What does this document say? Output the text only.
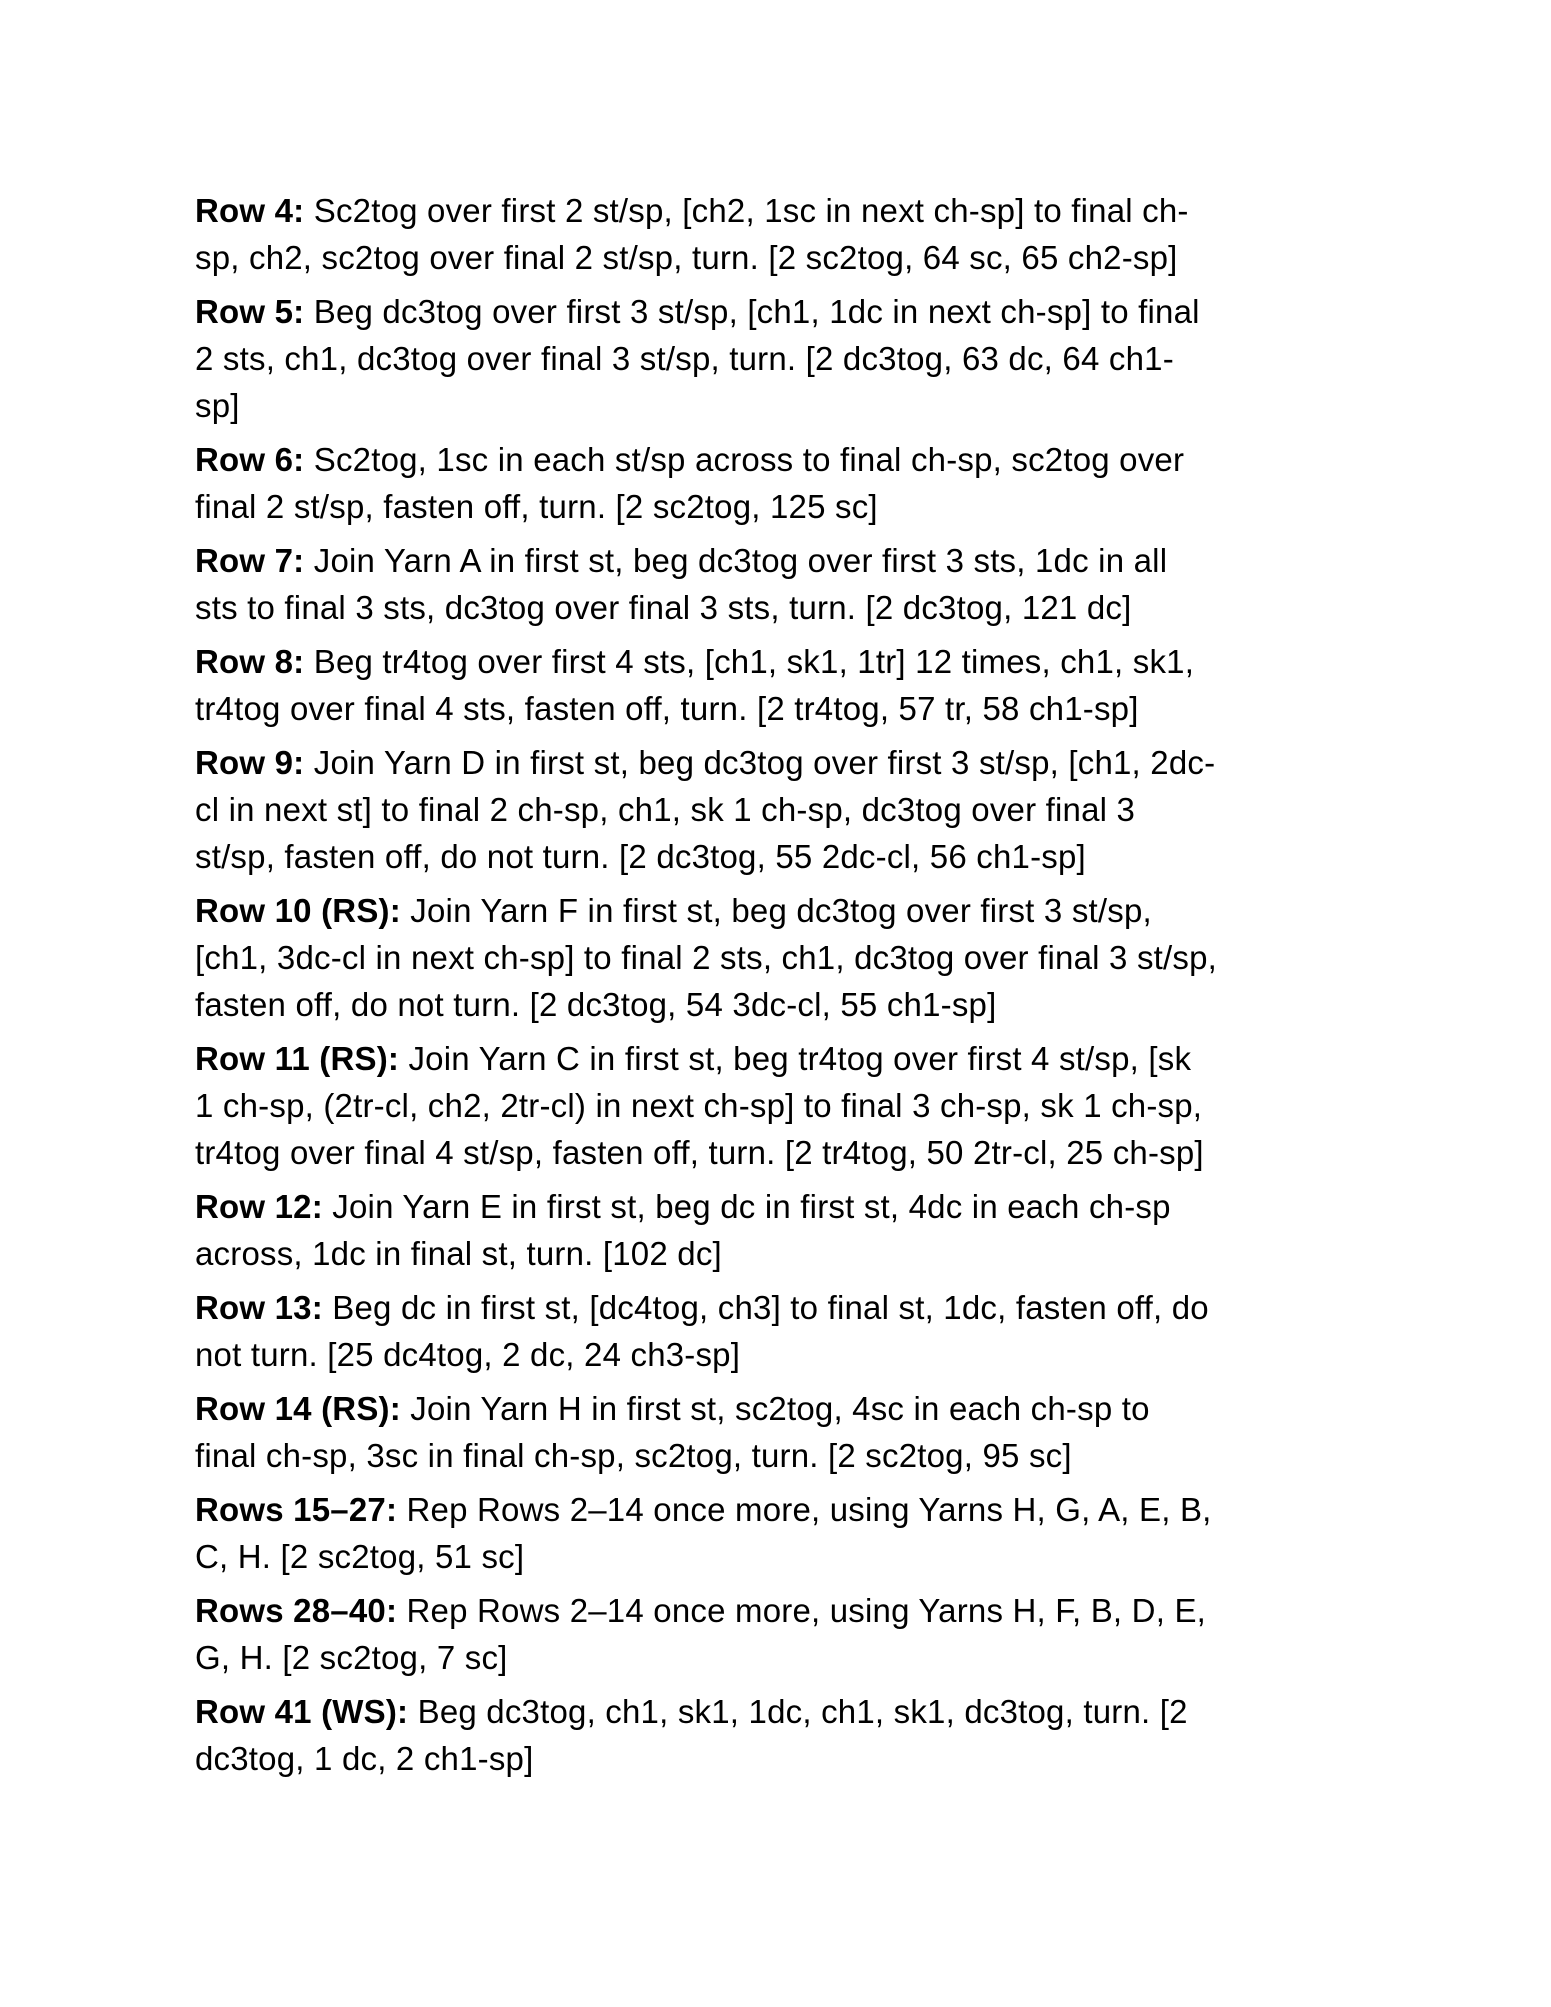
Row 4: Sc2tog over first 2 st/sp, [ch2, 1sc in next ch-sp] to final ch-
sp, ch2, sc2tog over final 2 st/sp, turn. [2 sc2tog, 64 sc, 65 ch2-sp]

Row 5: Beg dc3tog over first 3 st/sp, [ch1, 1dc in next ch-sp] to final
2 sts, ch1, dc3tog over final 3 st/sp, turn. [2 dc3tog, 63 dc, 64 ch1-
sp]

Row 6: Sc2tog, 1sc in each st/sp across to final ch-sp, sc2tog over
final 2 st/sp, fasten off, turn. [2 sc2tog, 125 sc]

Row 7: Join Yarn A in first st, beg dc3tog over first 3 sts, 1dc in all
sts to final 3 sts, dc3tog over final 3 sts, turn. [2 dc3tog, 121 dc]

Row 8: Beg tr4tog over first 4 sts, [ch1, sk1, 1tr] 12 times, ch1, sk1,
tr4tog over final 4 sts, fasten off, turn. [2 tr4tog, 57 tr, 58 ch1-sp]

Row 9: Join Yarn D in first st, beg dc3tog over first 3 st/sp, [ch1, 2dc-
cl in next st] to final 2 ch-sp, ch1, sk 1 ch-sp, dc3tog over final 3
st/sp, fasten off, do not turn. [2 dc3tog, 55 2dc-cl, 56 ch1-sp]

Row 10 (RS): Join Yarn F in first st, beg dc3tog over first 3 st/sp,
[ch1, 3dc-cl in next ch-sp] to final 2 sts, ch1, dc3tog over final 3 st/sp,
fasten off, do not turn. [2 dc3tog, 54 3dc-cl, 55 ch1-sp]

Row 11 (RS): Join Yarn C in first st, beg tr4tog over first 4 st/sp, [sk
1 ch-sp, (2tr-cl, ch2, 2tr-cl) in next ch-sp] to final 3 ch-sp, sk 1 ch-sp,
tr4tog over final 4 st/sp, fasten off, turn. [2 tr4tog, 50 2tr-cl, 25 ch-sp]

Row 12: Join Yarn E in first st, beg dc in first st, 4dc in each ch-sp
across, 1dc in final st, turn. [102 dc]

Row 13: Beg dc in first st, [dc4tog, ch3] to final st, 1dc, fasten off, do
not turn. [25 dc4tog, 2 dc, 24 ch3-sp]

Row 14 (RS): Join Yarn H in first st, sc2tog, 4sc in each ch-sp to
final ch-sp, 3sc in final ch-sp, sc2tog, turn. [2 sc2tog, 95 sc]

Rows 15–27: Rep Rows 2–14 once more, using Yarns H, G, A, E, B,
C, H. [2 sc2tog, 51 sc]

Rows 28–40: Rep Rows 2–14 once more, using Yarns H, F, B, D, E,
G, H. [2 sc2tog, 7 sc]

Row 41 (WS): Beg dc3tog, ch1, sk1, 1dc, ch1, sk1, dc3tog, turn. [2
dc3tog, 1 dc, 2 ch1-sp]
